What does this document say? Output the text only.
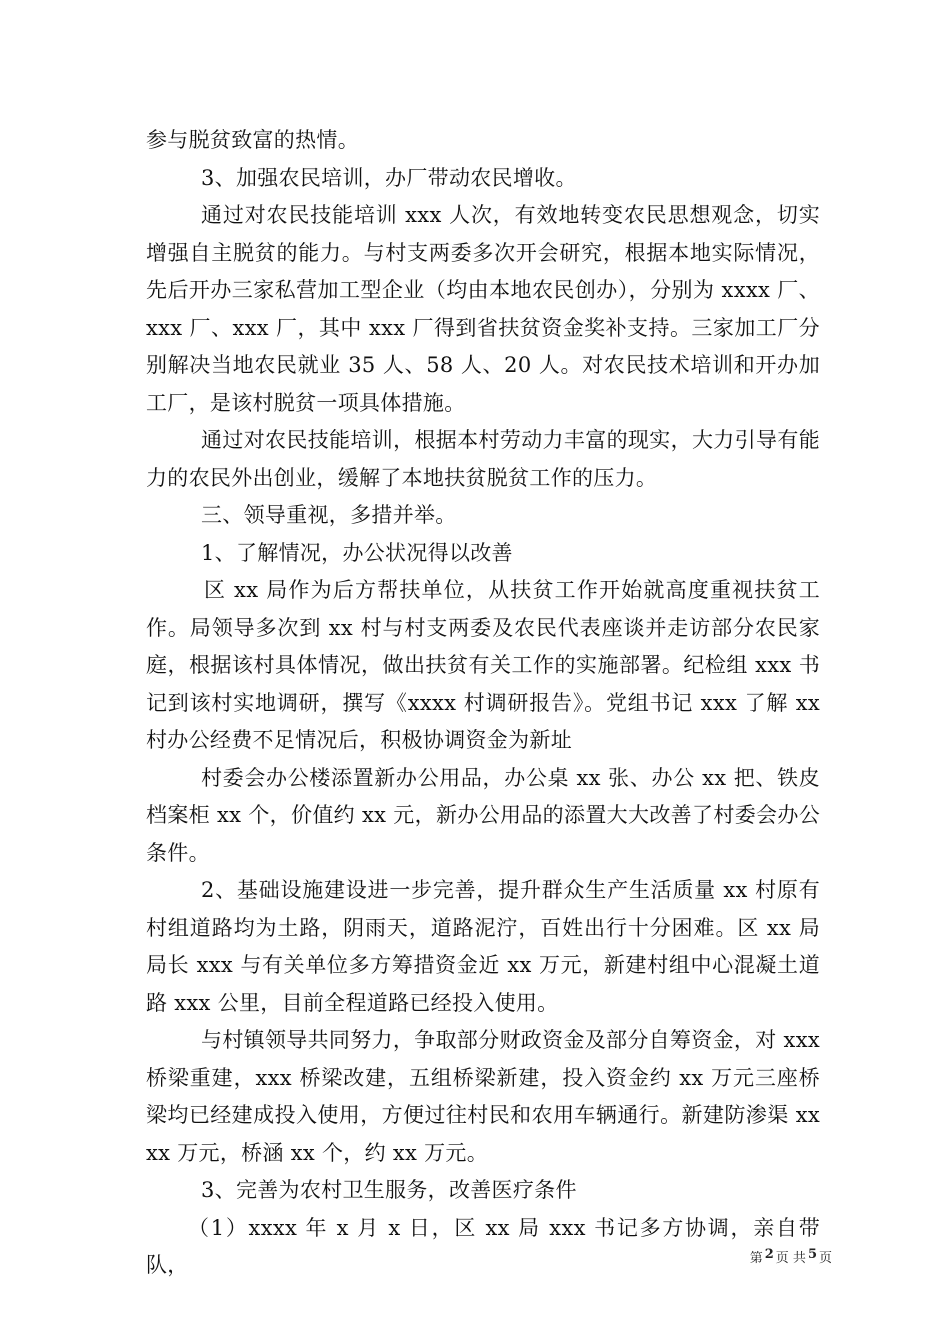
参与脱贫致富的热情。

3、加强农民培训，办厂带动农民增收。

通过对农民技能培训 xxx 人次，有效地转变农民思想观念，切实增强自主脱贫的能力。与村支两委多次开会研究，根据本地实际情况，先后开办三家私营加工型企业（均由本地农民创办），分别为 xxxx 厂、xxx 厂、xxx 厂，其中 xxx 厂得到省扶贫资金奖补支持。三家加工厂分别解决当地农民就业 35 人、58 人、20 人。对农民技术培训和开办加工厂，是该村脱贫一项具体措施。

通过对农民技能培训，根据本村劳动力丰富的现实，大力引导有能力的农民外出创业，缓解了本地扶贫脱贫工作的压力。

三、领导重视，多措并举。

1、了解情况，办公状况得以改善

区 xx 局作为后方帮扶单位，从扶贫工作开始就高度重视扶贫工作。局领导多次到 xx 村与村支两委及农民代表座谈并走访部分农民家庭，根据该村具体情况，做出扶贫有关工作的实施部署。纪检组 xxx 书记到该村实地调研，撰写《xxxx 村调研报告》。党组书记 xxx 了解 xx 村办公经费不足情况后，积极协调资金为新址

村委会办公楼添置新办公用品，办公桌 xx 张、办公 xx 把、铁皮档案柜 xx 个，价值约 xx 元，新办公用品的添置大大改善了村委会办公条件。

2、基础设施建设进一步完善，提升群众生产生活质量 xx 村原有村组道路均为土路，阴雨天，道路泥泞，百姓出行十分困难。区 xx 局局长 xxx 与有关单位多方筹措资金近 xx 万元，新建村组中心混凝土道路 xxx 公里，目前全程道路已经投入使用。

与村镇领导共同努力，争取部分财政资金及部分自筹资金，对 xxx 桥梁重建，xxx 桥梁改建，五组桥梁新建，投入资金约 xx 万元三座桥梁均已经建成投入使用，方便过往村民和农用车辆通行。新建防渗渠 xxxx 万元，桥涵 xx 个，约 xx 万元。

3、完善为农村卫生服务，改善医疗条件

（1）xxxx 年 x 月 x 日，区 xx 局 xxx 书记多方协调，亲自带队，	第 2 页 共 5 页
